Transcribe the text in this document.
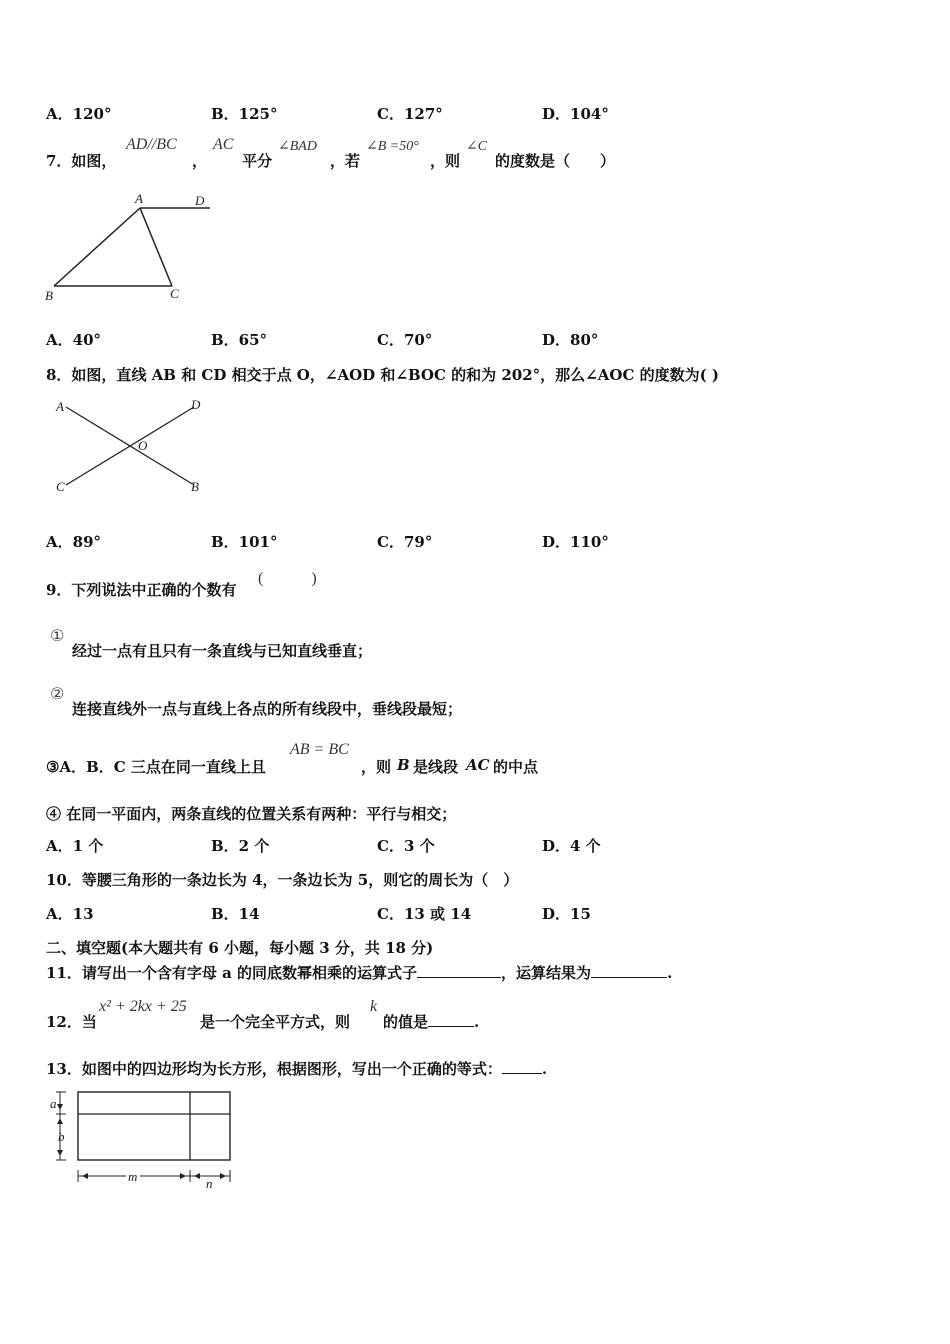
A．120°	B．125°	C．127°	D．104°
7．如图，
AD//BC
，
AC
平分
∠BAD
，若
∠B =50°
，则
∠C
的度数是（　　）
A	D
B	C
A．40°	B．65°	C．70°	D．80°
8．如图，直线 AB 和 CD 相交于点 O，∠AOD 和∠BOC 的和为 202°，那么∠AOC 的度数为( )
A	D
O
C	B
A．89°	B．101°	C．79°	D．110°
9．下列说法中正确的个数有
(　　　)
①
经过一点有且只有一条直线与已知直线垂直；
②
连接直线外一点与直线上各点的所有线段中，垂线段最短；
③A．B．C 三点在同一直线上且
AB = BC
，则 B 是线段 AC 的中点
④ 在同一平面内，两条直线的位置关系有两种：平行与相交；
A．1 个	B．2 个	C．3 个	D．4 个
10．等腰三角形的一条边长为 4，一条边长为 5，则它的周长为（　）
A．13	B．14	C．13 或 14	D．15
二、填空题(本大题共有 6 小题，每小题 3 分，共 18 分)
11．请写出一个含有字母 a 的同底数幂相乘的运算式子	，运算结果为	.
12．当
x² + 2kx + 25
是一个完全平方式，则
k
的值是	.
13．如图中的四边形均为长方形，根据图形，写出一个正确的等式：	.
a
b
m	n
